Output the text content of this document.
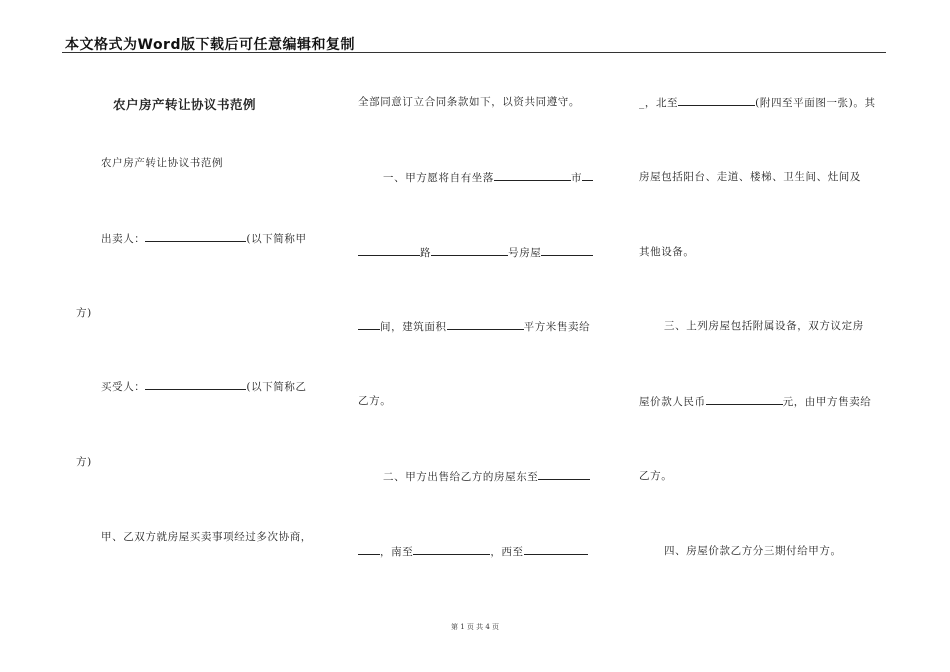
本文格式为Word版下载后可任意编辑和复制
农户房产转让协议书范例
农户房产转让协议书范例
出卖人：	(以下简称甲
方)
买受人：	(以下简称乙
方)
甲、乙双方就房屋买卖事项经过多次协商，
全部同意订立合同条款如下，以资共同遵守。
一、甲方愿将自有坐落	市
路	号房屋
间，建筑面积	平方米售卖给
乙方。
二、甲方出售给乙方的房屋东至
，南至	，西至
_，北至	(附四至平面图一张)。其
房屋包括阳台、走道、楼梯、卫生间、灶间及
其他设备。
三、上列房屋包括附属设备，双方议定房
屋价款人民币	元，由甲方售卖给
乙方。
四、房屋价款乙方分三期付给甲方。
第 1 页 共 4 页
